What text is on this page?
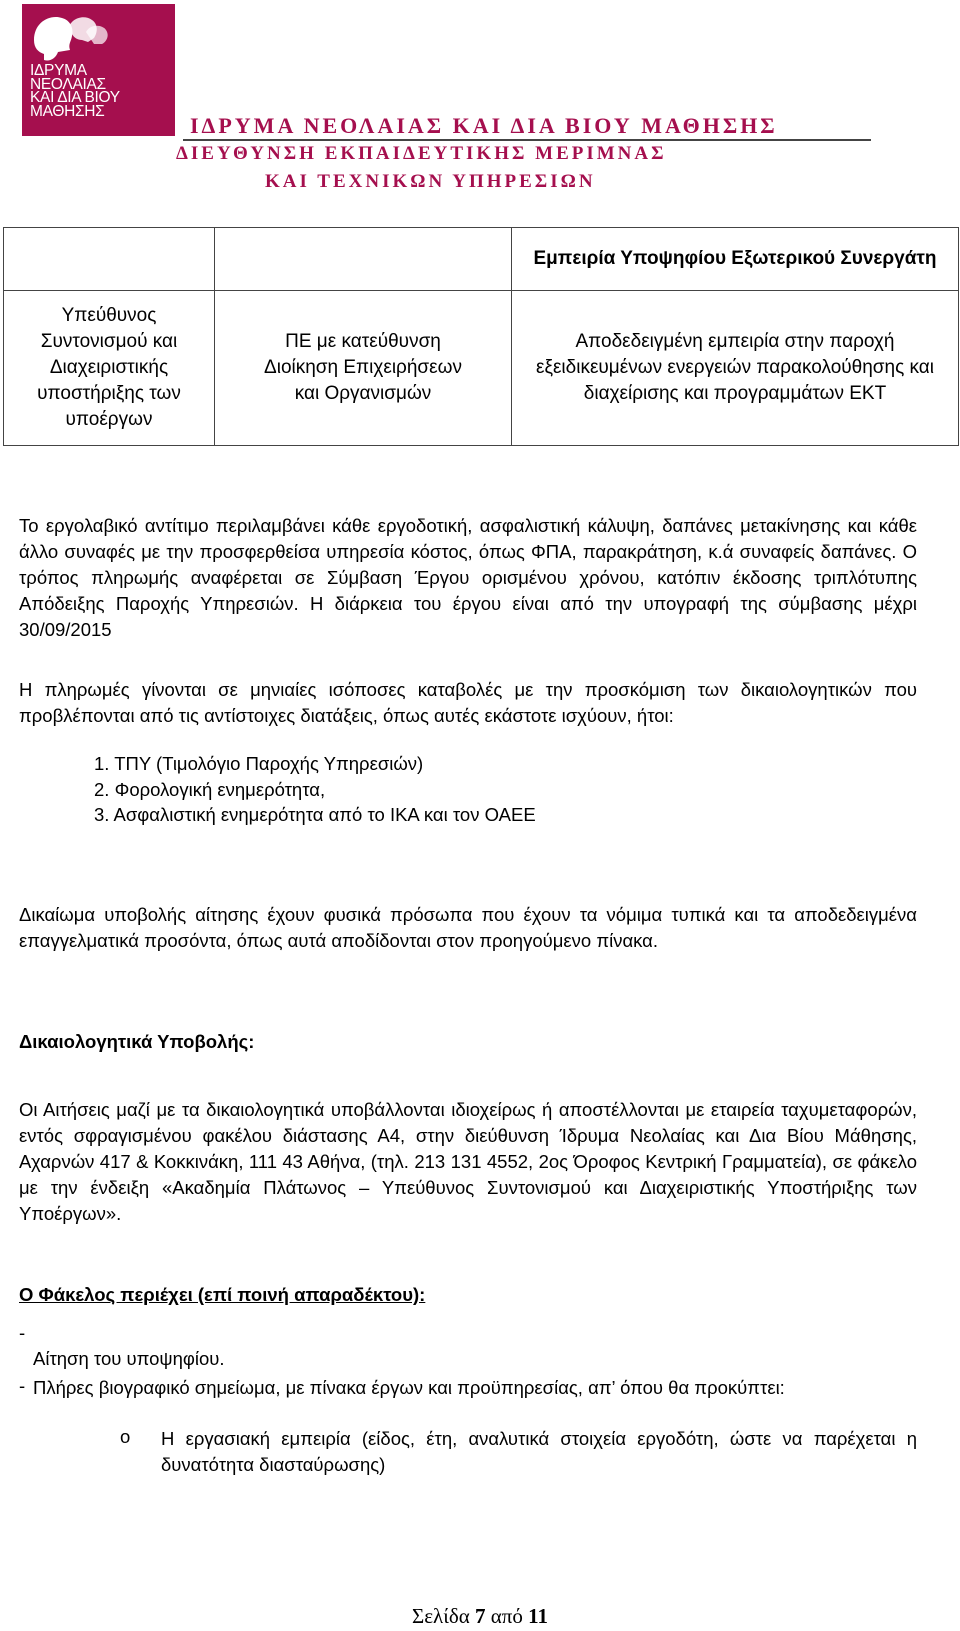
ΙΔΡΥΜΑ
ΝΕΟΛΑΙΑΣ
ΚΑΙ ΔΙΑ ΒΙΟΥ
ΜΑΘΗΣΗΣ
ΙΔΡΥΜΑ ΝΕΟΛΑΙΑΣ ΚΑΙ ΔΙΑ ΒΙΟΥ ΜΑΘΗΣΗΣ
ΔΙΕΥΘΥΝΣΗ ΕΚΠΑΙΔΕΥΤΙΚΗΣ ΜΕΡΙΜΝΑΣ
ΚΑΙ ΤΕΧΝΙΚΩΝ ΥΠΗΡΕΣΙΩΝ
		Εμπειρία Υποψηφίου Εξωτερικού Συνεργάτη
Υπεύθυνος Συντονισμού και Διαχειριστικής υποστήριξης των υποέργων	ΠΕ με κατεύθυνση Διοίκηση Επιχειρήσεων και Οργανισμών	Αποδεδειγμένη εμπειρία στην παροχή εξειδικευμένων ενεργειών παρακολούθησης και διαχείρισης και προγραμμάτων ΕΚΤ

Το εργολαβικό αντίτιμο περιλαμβάνει κάθε εργοδοτική, ασφαλιστική κάλυψη, δαπάνες μετακίνησης και κάθε άλλο συναφές με την προσφερθείσα υπηρεσία κόστος, όπως ΦΠΑ, παρακράτηση, κ.ά συναφείς δαπάνες. Ο τρόπος πληρωμής αναφέρεται σε Σύμβαση Έργου ορισμένου χρόνου, κατόπιν έκδοσης τριπλότυπης Απόδειξης Παροχής Υπηρεσιών. Η διάρκεια του έργου είναι από την υπογραφή της σύμβασης μέχρι 30/09/2015

Η πληρωμές γίνονται σε μηνιαίες ισόποσες καταβολές με την προσκόμιση των δικαιολογητικών που προβλέπονται από τις αντίστοιχες διατάξεις, όπως αυτές εκάστοτε ισχύουν, ήτοι:

1. ΤΠΥ (Τιμολόγιο Παροχής Υπηρεσιών)
2. Φορολογική ενημερότητα,
3. Ασφαλιστική ενημερότητα από το ΙΚΑ και τον ΟΑΕΕ

Δικαίωμα υποβολής αίτησης έχουν φυσικά πρόσωπα που έχουν τα νόμιμα τυπικά και τα αποδεδειγμένα επαγγελματικά προσόντα, όπως αυτά αποδίδονται στον προηγούμενο πίνακα.

Δικαιολογητικά Υποβολής:

Οι Αιτήσεις μαζί με τα δικαιολογητικά υποβάλλονται ιδιοχείρως ή αποστέλλονται με εταιρεία ταχυμεταφορών, εντός σφραγισμένου φακέλου διάστασης Α4, στην διεύθυνση Ίδρυμα Νεολαίας και Δια Βίου Μάθησης, Αχαρνών 417 & Κοκκινάκη, 111 43 Αθήνα, (τηλ. 213 131 4552, 2ος Όροφος Κεντρική Γραμματεία), σε φάκελο με την ένδειξη «Ακαδημία Πλάτωνος – Υπεύθυνος Συντονισμού και Διαχειριστικής Υποστήριξης των Υποέργων».

Ο Φάκελος περιέχει (επί ποινή απαραδέκτου):

-
Αίτηση του υποψηφίου.
- Πλήρες βιογραφικό σημείωμα, με πίνακα έργων και προϋπηρεσίας, απ’ όπου θα προκύπτει:

o Η εργασιακή εμπειρία (είδος, έτη, αναλυτικά στοιχεία εργοδότη, ώστε να παρέχεται η δυνατότητα διασταύρωσης)

Σελίδα 7 από 11
